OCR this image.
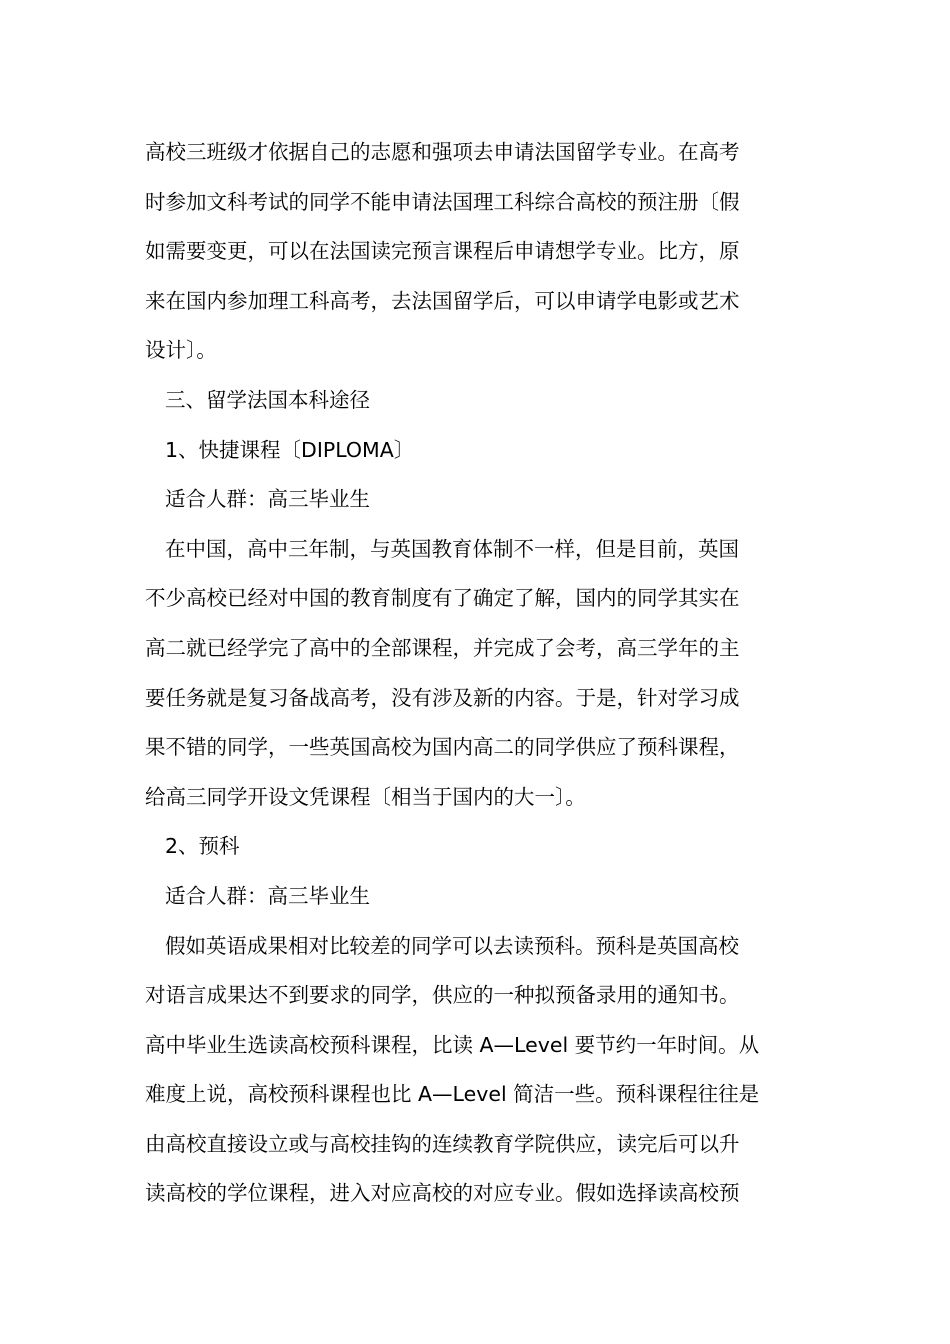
高校三班级才依据自己的志愿和强项去申请法国留学专业。在高考
时参加文科考试的同学不能申请法国理工科综合高校的预注册〔假
如需要变更，可以在法国读完预言课程后申请想学专业。比方，原
来在国内参加理工科高考，去法国留学后，可以申请学电影或艺术
设计〕。
三、留学法国本科途径
1、快捷课程〔DIPLOMA〕
适合人群：高三毕业生
在中国，高中三年制，与英国教育体制不一样，但是目前，英国
不少高校已经对中国的教育制度有了确定了解，国内的同学其实在
高二就已经学完了高中的全部课程，并完成了会考，高三学年的主
要任务就是复习备战高考，没有涉及新的内容。于是，针对学习成
果不错的同学，一些英国高校为国内高二的同学供应了预科课程，
给高三同学开设文凭课程〔相当于国内的大一〕。
2、预科
适合人群：高三毕业生
假如英语成果相对比较差的同学可以去读预科。预科是英国高校
对语言成果达不到要求的同学，供应的一种拟预备录用的通知书。
高中毕业生选读高校预科课程，比读 A—Level 要节约一年时间。从
难度上说，高校预科课程也比 A—Level 简洁一些。预科课程往往是
由高校直接设立或与高校挂钩的连续教育学院供应，读完后可以升
读高校的学位课程，进入对应高校的对应专业。假如选择读高校预
